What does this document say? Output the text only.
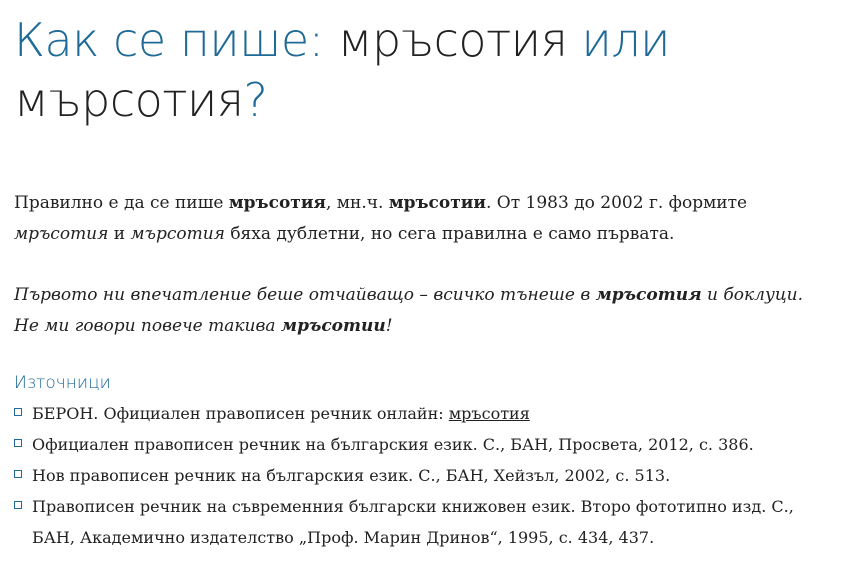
Как се пише: мръсотия или мърсотия?
Правилно е да се пише мръсотия, мн.ч. мръсотии. От 1983 до 2002 г. формите мръсотия и мърсотия бяха дублетни, но сега правилна е само първата.
Първото ни впечатление беше отчайващо – всичко тънеше в мръсотия и боклуци.
Не ми говори повече такива мръсотии!
Източници
БЕРОН. Официален правописен речник онлайн: мръсотия
Официален правописен речник на българския език. С., БАН, Просвета, 2012, с. 386.
Нов правописен речник на българския език. С., БАН, Хейзъл, 2002, с. 513.
Правописен речник на съвременния български книжовен език. Второ фототипно изд. С., БАН, Академично издателство „Проф. Марин Дринов“, 1995, с. 434, 437.
